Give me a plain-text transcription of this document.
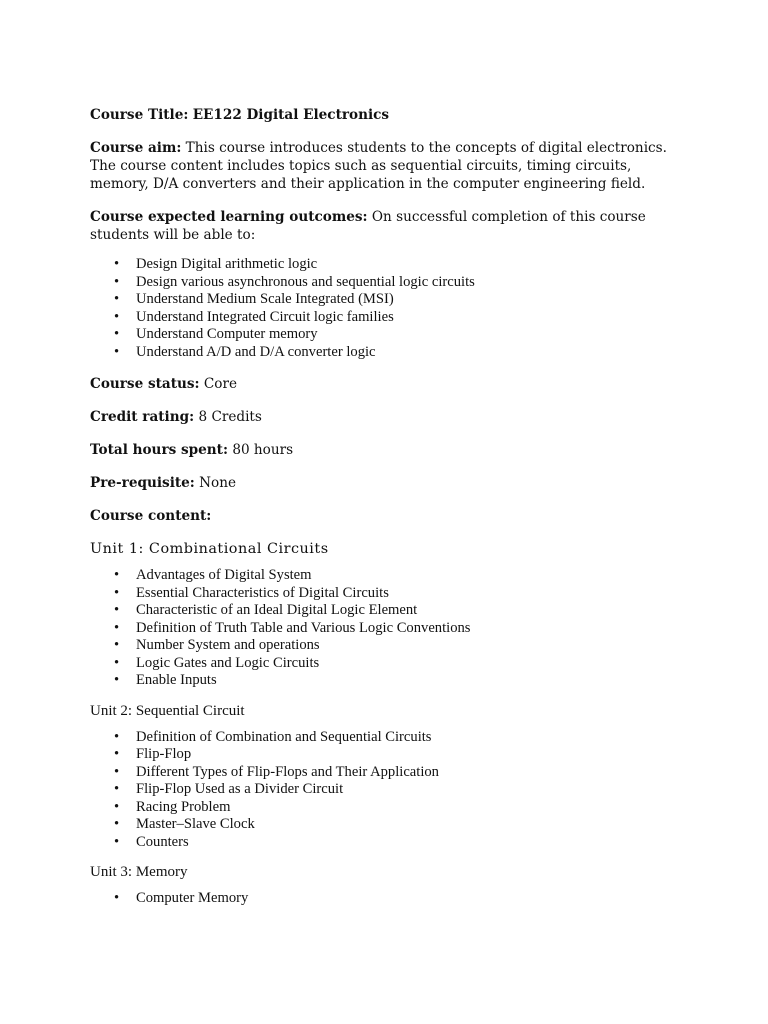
Course Title: EE122 Digital Electronics

Course aim: This course introduces students to the concepts of digital electronics. The course content includes topics such as sequential circuits, timing circuits, memory, D/A converters and their application in the computer engineering field.

Course expected learning outcomes: On successful completion of this course students will be able to:

• Design Digital arithmetic logic
• Design various asynchronous and sequential logic circuits
• Understand Medium Scale Integrated (MSI)
• Understand Integrated Circuit logic families
• Understand Computer memory
• Understand A/D and D/A converter logic

Course status: Core

Credit rating: 8 Credits

Total hours spent: 80 hours

Pre-requisite: None

Course content:

Unit 1: Combinational Circuits

• Advantages of Digital System
• Essential Characteristics of Digital Circuits
• Characteristic of an Ideal Digital Logic Element
• Definition of Truth Table and Various Logic Conventions
• Number System and operations
• Logic Gates and Logic Circuits
• Enable Inputs

Unit 2: Sequential Circuit

• Definition of Combination and Sequential Circuits
• Flip-Flop
• Different Types of Flip-Flops and Their Application
• Flip-Flop Used as a Divider Circuit
• Racing Problem
• Master–Slave Clock
• Counters

Unit 3: Memory

• Computer Memory
